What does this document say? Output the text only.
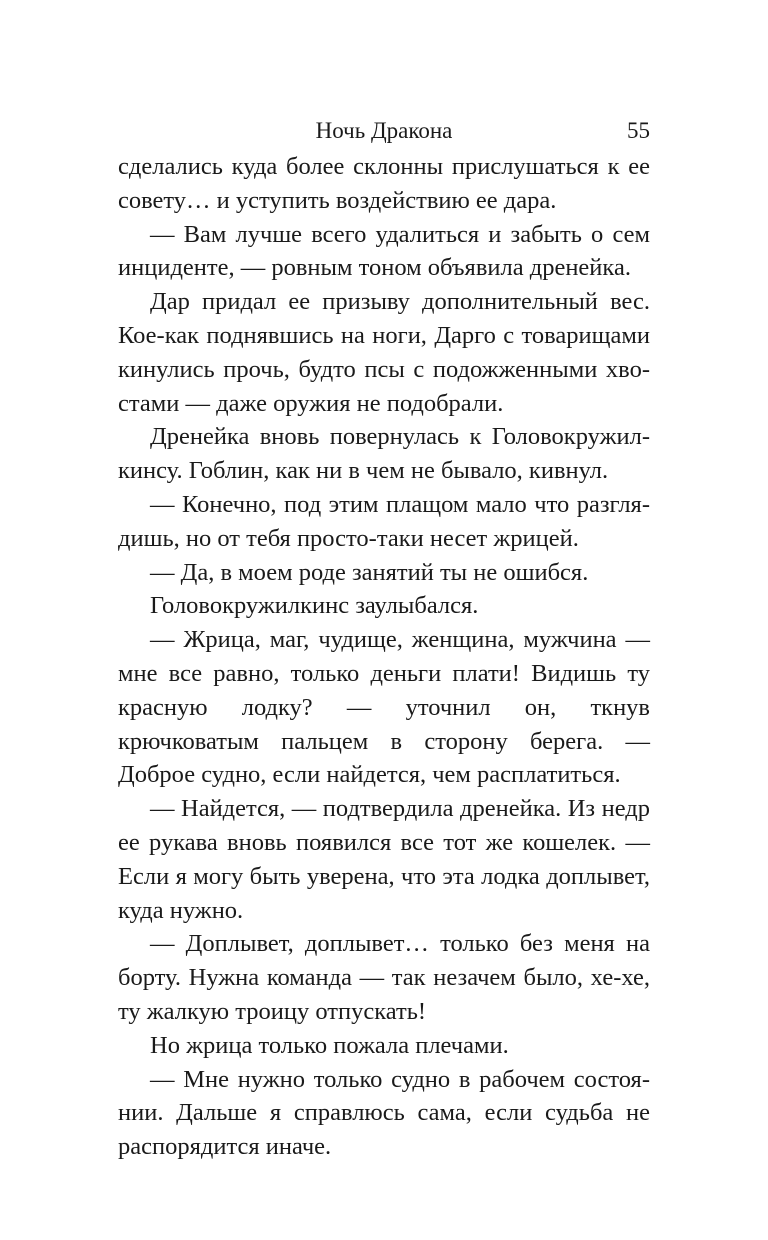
Ночь Дракона	55

сделались куда более склонны прислушаться к ее совету… и уступить воздействию ее дара.

— Вам лучше всего удалиться и забыть о сем инциденте, — ровным тоном объявила дренейка.

Дар придал ее призыву дополнительный вес. Кое-как поднявшись на ноги, Дарго с товарищами кинулись прочь, будто псы с подожженными хвостами — даже оружия не подобрали.

Дренейка вновь повернулась к Головокружилкинсу. Гоблин, как ни в чем не бывало, кивнул.

— Конечно, под этим плащом мало что разглядишь, но от тебя просто-таки несет жрицей.

— Да, в моем роде занятий ты не ошибся.

Головокружилкинс заулыбался.

— Жрица, маг, чудище, женщина, мужчина — мне все равно, только деньги плати! Видишь ту красную лодку? — уточнил он, ткнув крючковатым пальцем в сторону берега. — Доброе судно, если найдется, чем расплатиться.

— Найдется, — подтвердила дренейка. Из недр ее рукава вновь появился все тот же кошелек. — Если я могу быть уверена, что эта лодка доплывет, куда нужно.

— Доплывет, доплывет… только без меня на борту. Нужна команда — так незачем было, хе-хе, ту жалкую троицу отпускать!

Но жрица только пожала плечами.

— Мне нужно только судно в рабочем состоянии. Дальше я справлюсь сама, если судьба не распорядится иначе.
